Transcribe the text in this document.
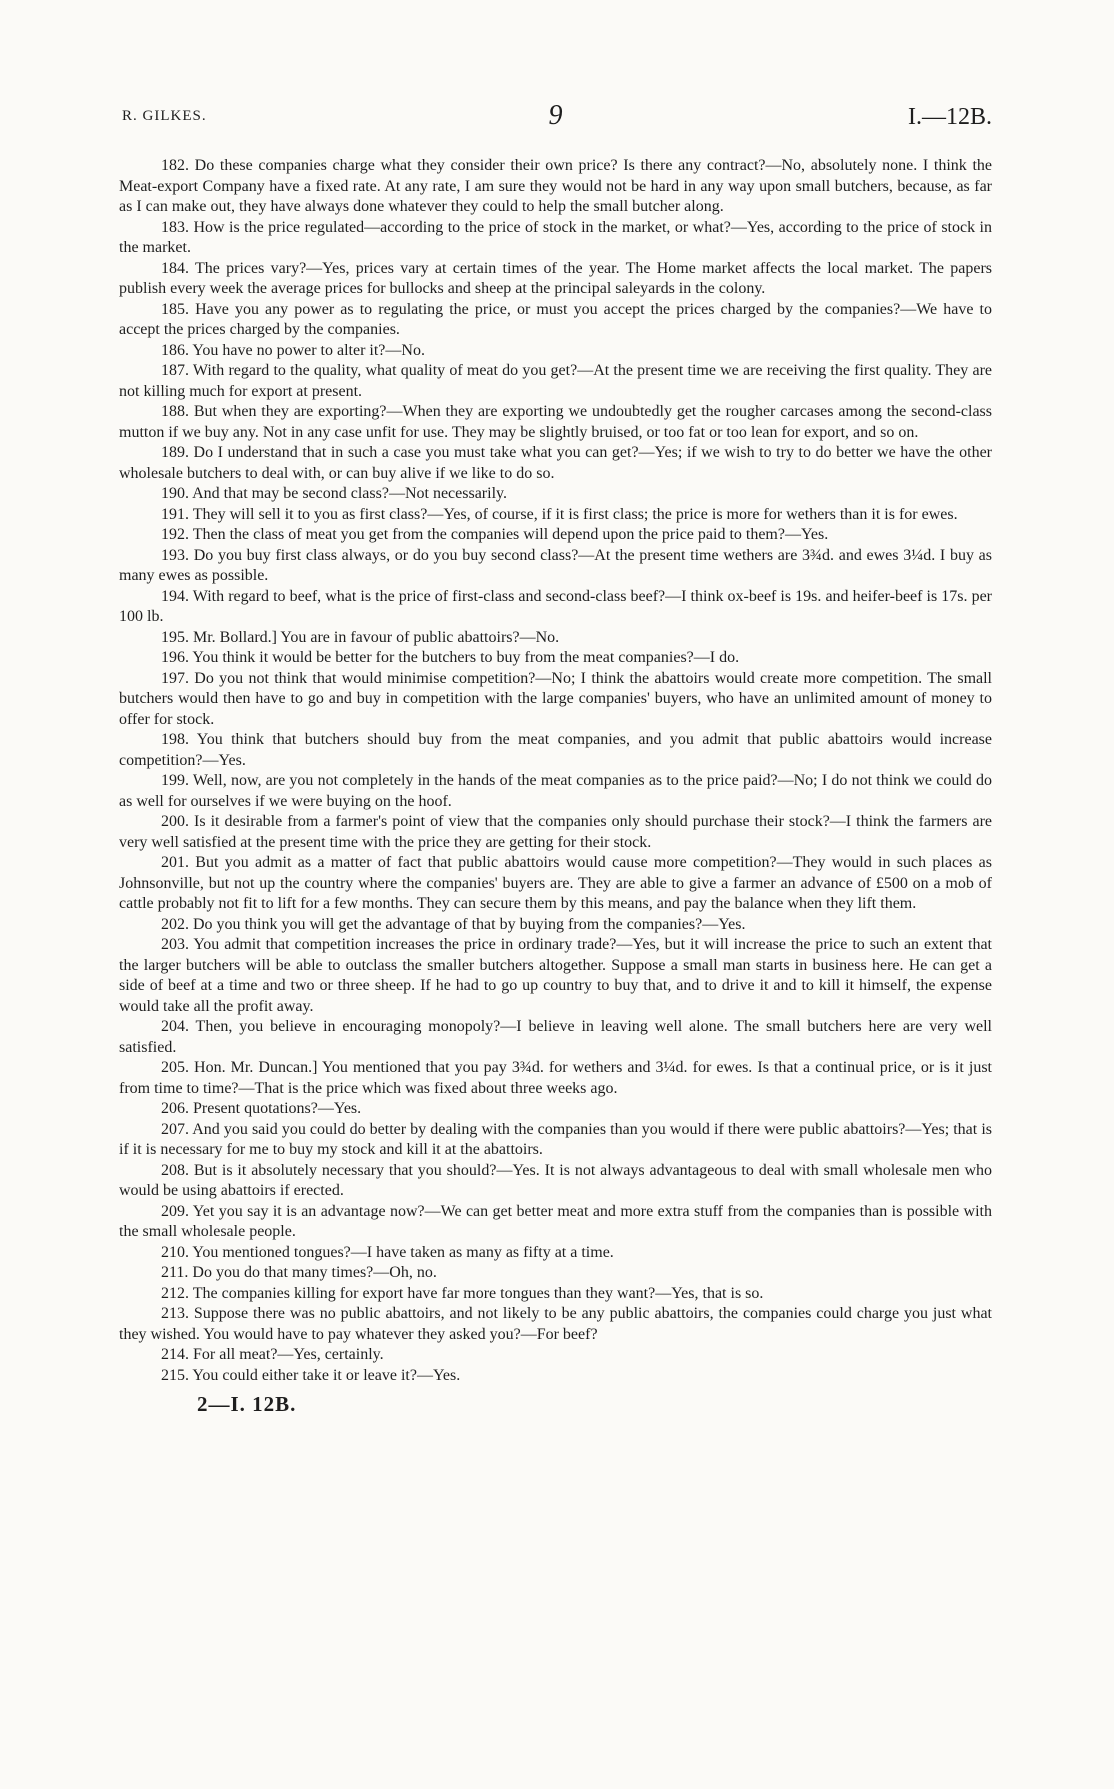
R. GILKES.	9	I.—12B.

182. Do these companies charge what they consider their own price? Is there any contract?—No, absolutely none. I think the Meat-export Company have a fixed rate. At any rate, I am sure they would not be hard in any way upon small butchers, because, as far as I can make out, they have always done whatever they could to help the small butcher along.

183. How is the price regulated—according to the price of stock in the market, or what?—Yes, according to the price of stock in the market.

184. The prices vary?—Yes, prices vary at certain times of the year. The Home market affects the local market. The papers publish every week the average prices for bullocks and sheep at the principal saleyards in the colony.

185. Have you any power as to regulating the price, or must you accept the prices charged by the companies?—We have to accept the prices charged by the companies.

186. You have no power to alter it?—No.

187. With regard to the quality, what quality of meat do you get?—At the present time we are receiving the first quality. They are not killing much for export at present.

188. But when they are exporting?—When they are exporting we undoubtedly get the rougher carcases among the second-class mutton if we buy any. Not in any case unfit for use. They may be slightly bruised, or too fat or too lean for export, and so on.

189. Do I understand that in such a case you must take what you can get?—Yes; if we wish to try to do better we have the other wholesale butchers to deal with, or can buy alive if we like to do so.

190. And that may be second class?—Not necessarily.

191. They will sell it to you as first class?—Yes, of course, if it is first class; the price is more for wethers than it is for ewes.

192. Then the class of meat you get from the companies will depend upon the price paid to them?—Yes.

193. Do you buy first class always, or do you buy second class?—At the present time wethers are 3¾d. and ewes 3¼d. I buy as many ewes as possible.

194. With regard to beef, what is the price of first-class and second-class beef?—I think ox-beef is 19s. and heifer-beef is 17s. per 100 lb.

195. Mr. Bollard.] You are in favour of public abattoirs?—No.

196. You think it would be better for the butchers to buy from the meat companies?—I do.

197. Do you not think that would minimise competition?—No; I think the abattoirs would create more competition. The small butchers would then have to go and buy in competition with the large companies' buyers, who have an unlimited amount of money to offer for stock.

198. You think that butchers should buy from the meat companies, and you admit that public abattoirs would increase competition?—Yes.

199. Well, now, are you not completely in the hands of the meat companies as to the price paid?—No; I do not think we could do as well for ourselves if we were buying on the hoof.

200. Is it desirable from a farmer's point of view that the companies only should purchase their stock?—I think the farmers are very well satisfied at the present time with the price they are getting for their stock.

201. But you admit as a matter of fact that public abattoirs would cause more competition?—They would in such places as Johnsonville, but not up the country where the companies' buyers are. They are able to give a farmer an advance of £500 on a mob of cattle probably not fit to lift for a few months. They can secure them by this means, and pay the balance when they lift them.

202. Do you think you will get the advantage of that by buying from the companies?—Yes.

203. You admit that competition increases the price in ordinary trade?—Yes, but it will increase the price to such an extent that the larger butchers will be able to outclass the smaller butchers altogether. Suppose a small man starts in business here. He can get a side of beef at a time and two or three sheep. If he had to go up country to buy that, and to drive it and to kill it himself, the expense would take all the profit away.

204. Then, you believe in encouraging monopoly?—I believe in leaving well alone. The small butchers here are very well satisfied.

205. Hon. Mr. Duncan.] You mentioned that you pay 3¾d. for wethers and 3¼d. for ewes. Is that a continual price, or is it just from time to time?—That is the price which was fixed about three weeks ago.

206. Present quotations?—Yes.

207. And you said you could do better by dealing with the companies than you would if there were public abattoirs?—Yes; that is if it is necessary for me to buy my stock and kill it at the abattoirs.

208. But is it absolutely necessary that you should?—Yes. It is not always advantageous to deal with small wholesale men who would be using abattoirs if erected.

209. Yet you say it is an advantage now?—We can get better meat and more extra stuff from the companies than is possible with the small wholesale people.

210. You mentioned tongues?—I have taken as many as fifty at a time.

211. Do you do that many times?—Oh, no.

212. The companies killing for export have far more tongues than they want?—Yes, that is so.

213. Suppose there was no public abattoirs, and not likely to be any public abattoirs, the companies could charge you just what they wished. You would have to pay whatever they asked you?—For beef?

214. For all meat?—Yes, certainly.

215. You could either take it or leave it?—Yes.

2—I. 12B.
